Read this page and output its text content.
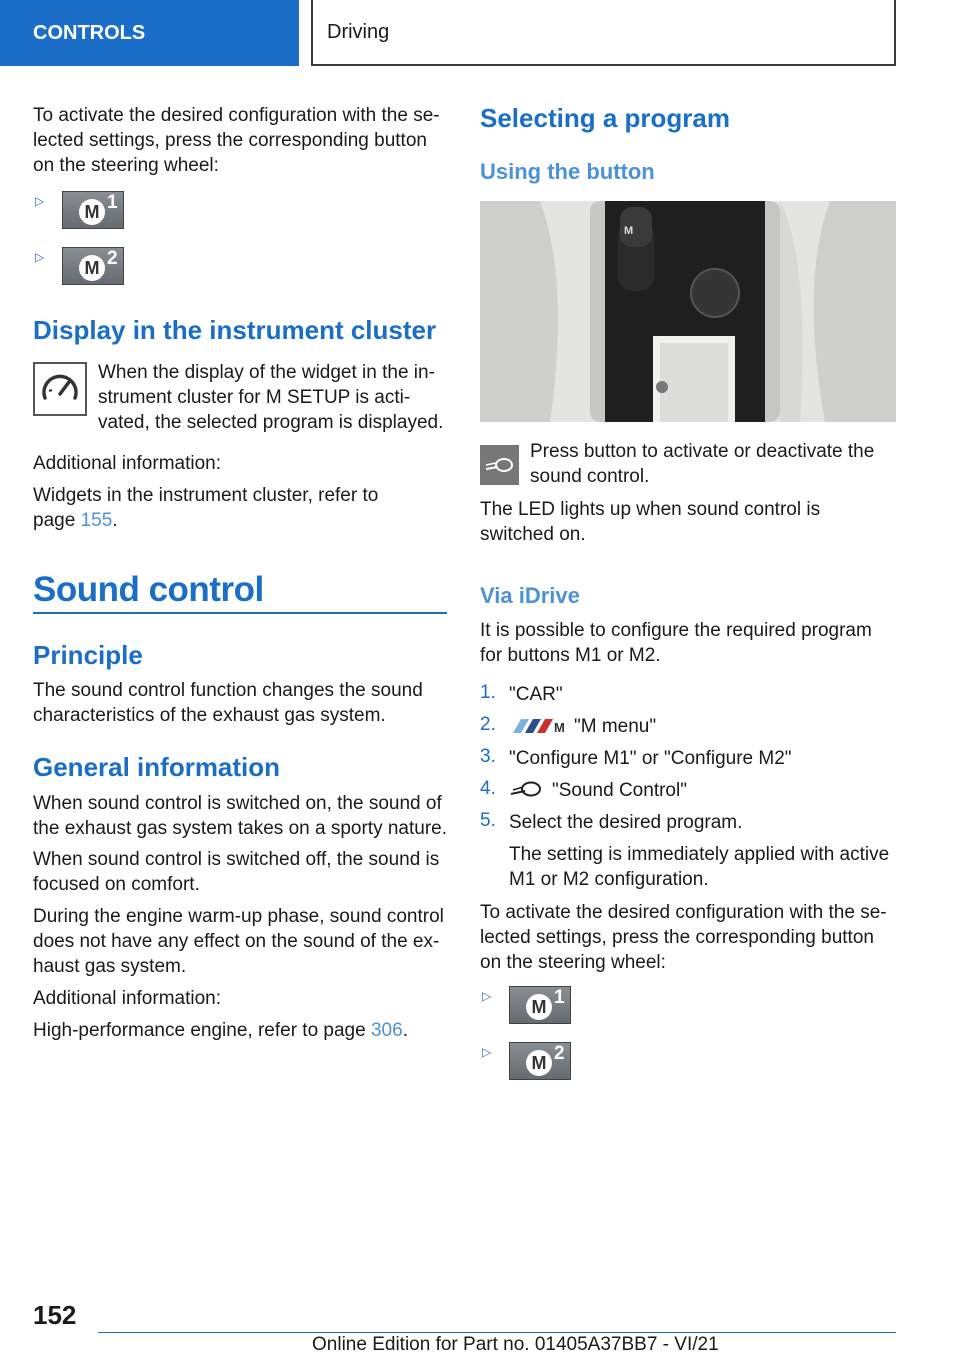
CONTROLS	Driving

To activate the desired configuration with the se-lected settings, press the corresponding button on the steering wheel:

▷
M 1
▷
M 2
Display in the instrument cluster

When the display of the widget in the in-strument cluster for M SETUP is acti-vated, the selected program is displayed.

Additional information:

Widgets in the instrument cluster, refer to page 155.

Sound control
Principle

The sound control function changes the sound characteristics of the exhaust gas system.

General information

When sound control is switched on, the sound of the exhaust gas system takes on a sporty nature.

When sound control is switched off, the sound is focused on comfort.

During the engine warm-up phase, sound control does not have any effect on the sound of the ex-haust gas system.

Additional information:

High-performance engine, refer to page 306.

Selecting a program
Using the button
M

Press button to activate or deactivate the sound control.

The LED lights up when sound control is switched on.

Via iDrive

It is possible to configure the required program for buttons M1 or M2.

1. "CAR"

2.	M "M menu"

3. "Configure M1" or "Configure M2"

4.	"Sound Control"

5. Select the desired program.

The setting is immediately applied with active M1 or M2 configuration.

To activate the desired configuration with the se-lected settings, press the corresponding button on the steering wheel:

▷
M 1
▷
M 2
152
Online Edition for Part no. 01405A37BB7 - VI/21
